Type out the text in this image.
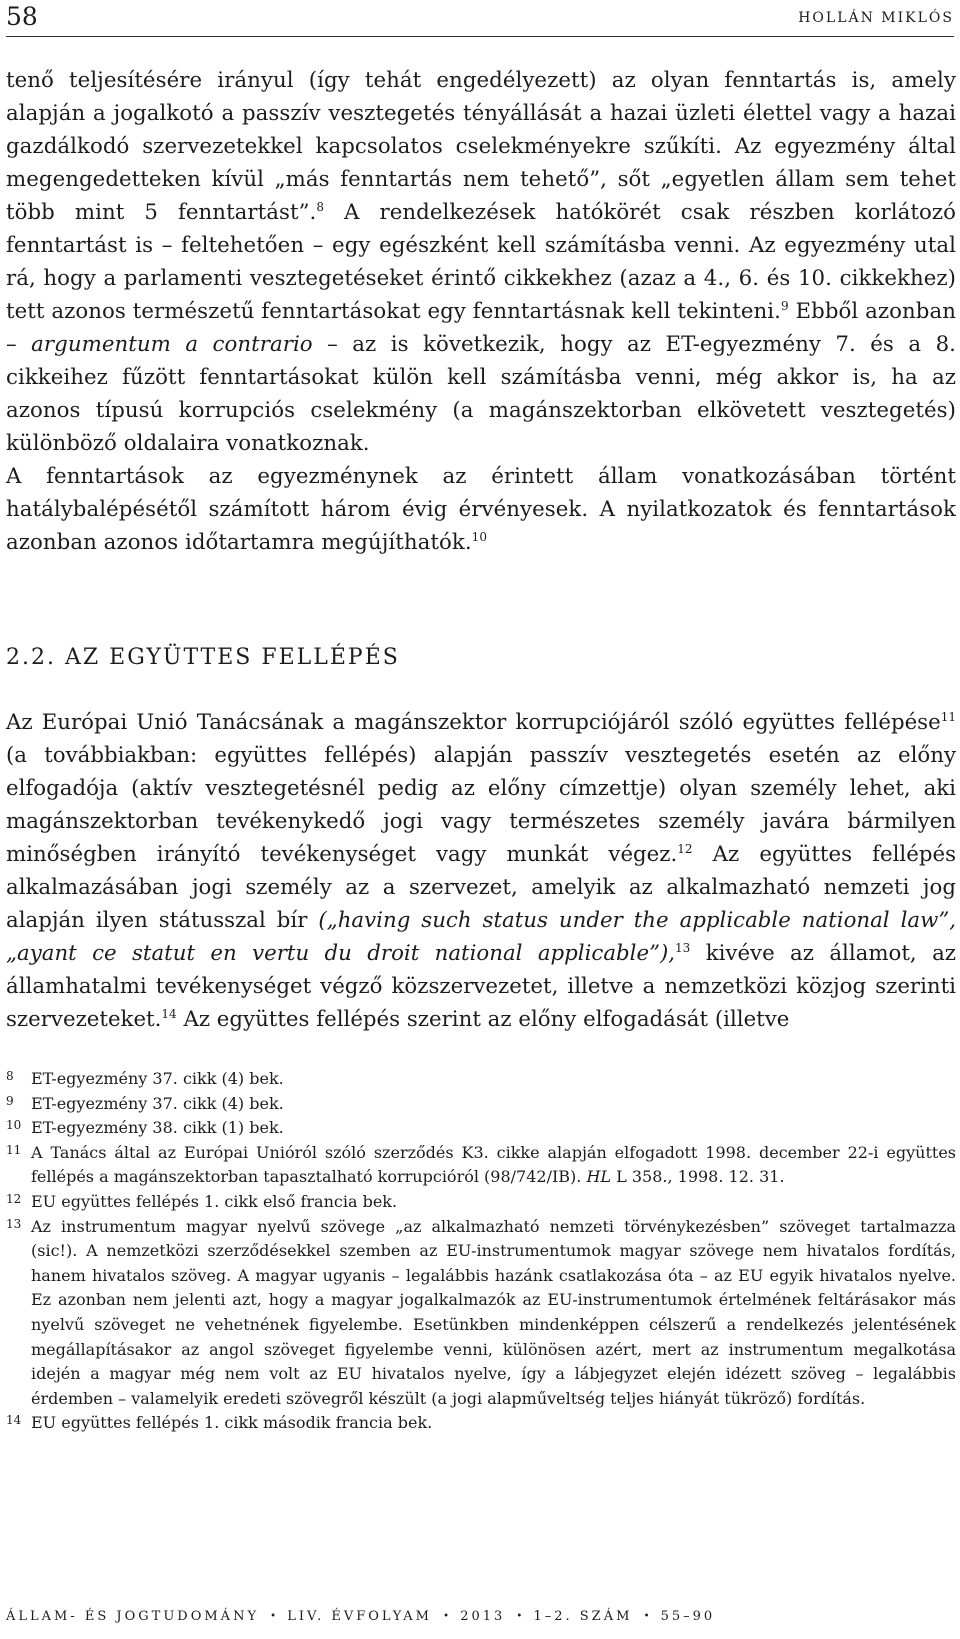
58	HOLLÁN MIKLÓS

tenő teljesítésére irányul (így tehát engedélyezett) az olyan fenntartás is, amely alapján a jogalkotó a passzív vesztegetés tényállását a hazai üzleti élettel vagy a hazai gazdálkodó szervezetekkel kapcsolatos cselekményekre szűkíti. Az egyezmény által megengedetteken kívül „más fenntartás nem tehető”, sőt „egyetlen állam sem tehet több mint 5 fenntartást”.$^8$ A rendelkezések hatókörét csak részben korlátozó fenntartást is – feltehetően – egy egészként kell számításba venni. Az egyezmény utal rá, hogy a parlamenti vesztegetéseket érintő cikkekhez (azaz a 4., 6. és 10. cikkekhez) tett azonos természetű fenntartásokat egy fenntartásnak kell tekinteni.$^9$ Ebből azonban – argumentum a contrario – az is következik, hogy az ET-egyezmény 7. és a 8. cikkeihez fűzött fenntartásokat külön kell számításba venni, még akkor is, ha az azonos típusú korrupciós cselekmény (a magánszektorban elkövetett vesztegetés) különböző oldalaira vonatkoznak.
A fenntartások az egyezménynek az érintett állam vonatkozásában történt hatálybalépésétől számított három évig érvényesek. A nyilatkozatok és fenntartások azonban azonos időtartamra megújíthatók.$^{10}$

2.2. AZ EGYÜTTES FELLÉPÉS

Az Európai Unió Tanácsának a magánszektor korrupciójáról szóló együttes fellépése$^{11}$ (a továbbiakban: együttes fellépés) alapján passzív vesztegetés esetén az előny elfogadója (aktív vesztegetésnél pedig az előny címzettje) olyan személy lehet, aki magánszektorban tevékenykedő jogi vagy természetes személy javára bármilyen minőségben irányító tevékenységet vagy munkát végez.$^{12}$ Az együttes fellépés alkalmazásában jogi személy az a szervezet, amelyik az alkalmazható nemzeti jog alapján ilyen státusszal bír („having such status under the applicable national law”, „ayant ce statut en vertu du droit national applicable”),$^{13}$ kivéve az államot, az államhatalmi tevékenységet végző közszervezetet, illetve a nemzetközi közjog szerinti szervezeteket.$^{14}$ Az együttes fellépés szerint az előny elfogadását (illetve

8	ET-egyezmény 37. cikk (4) bek.
9	ET-egyezmény 37. cikk (4) bek.
10 ET-egyezmény 38. cikk (1) bek.
11 A Tanács által az Európai Unióról szóló szerződés K3. cikke alapján elfogadott 1998. december 22-i együttes fellépés a magánszektorban tapasztalható korrupcióról (98/742/IB). HL L 358., 1998. 12. 31.
12 EU együttes fellépés 1. cikk első francia bek.
13 Az instrumentum magyar nyelvű szövege „az alkalmazható nemzeti törvénykezésben” szöveget tartalmazza (sic!). A nemzetközi szerződésekkel szemben az EU-instrumentumok magyar szövege nem hivatalos fordítás, hanem hivatalos szöveg. A magyar ugyanis – legalábbis hazánk csatlakozása óta – az EU egyik hivatalos nyelve. Ez azonban nem jelenti azt, hogy a magyar jogalkalmazók az EU-instrumentumok értelmének feltárásakor más nyelvű szöveget ne vehetnének figyelembe. Esetünkben mindenképpen célszerű a rendelkezés jelentésének megállapításakor az angol szöveget figyelembe venni, különösen azért, mert az instrumentum megalkotása idején a magyar még nem volt az EU hivatalos nyelve, így a lábjegyzet elején idézett szöveg – legalábbis érdemben – valamelyik eredeti szövegről készült (a jogi alapműveltség teljes hiányát tükröző) fordítás.
14 EU együttes fellépés 1. cikk második francia bek.
ÁLLAM- ÉS JOGTUDOMÁNY • LIV. ÉVFOLYAM • 2013 • 1–2. SZÁM • 55–90
